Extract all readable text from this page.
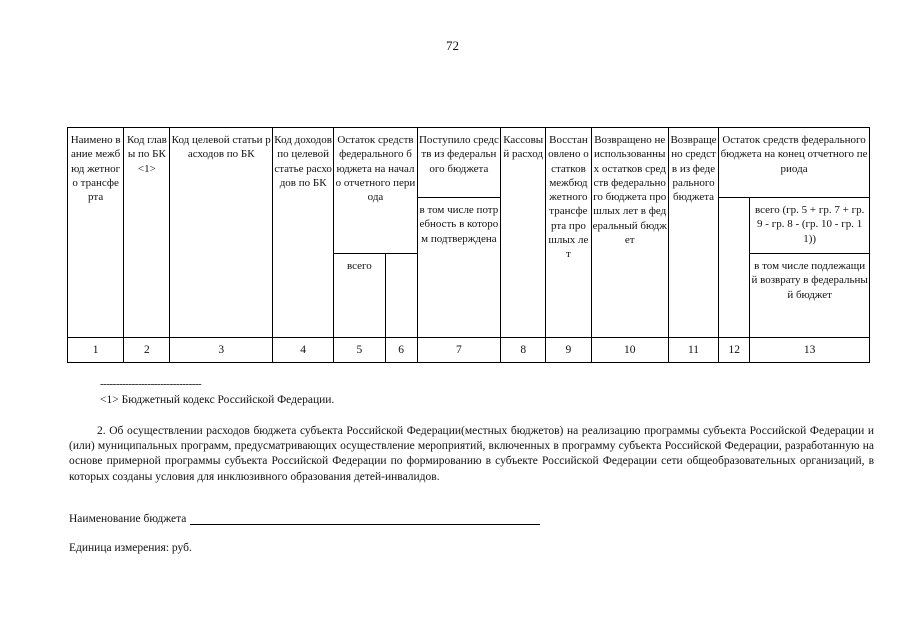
72
Наимено вание межбюд жетного трансфе рта	Код главы по БК <1>	Код целевой статьи расходов по БК	Код доходов по целевой статье расходов по БК	Остаток средств федерального бюджета на начало отчетного периода		Поступило средств из федерального бюджета	Кассовый расход	Восстановлено остатков межбюджетного трансферта прошлых лет	Возвращено неиспользованных остатков средств федерального бюджета прошлых лет в федеральный бюджет	Возвращено средств из федерального бюджета	Остаток средств федерального бюджета на конец отчетного периода	
						в том числе потребность в котором подтверждена						всего (гр. 5 + гр. 7 + гр. 9 - гр. 8 - (гр. 10 - гр. 11))
				всего								в том числе подлежащий возврату в федеральный бюджет
1	2	3	4	5	6	7	8	9	10	11	12	13
--------------------------------
<1> Бюджетный кодекс Российской Федерации.

2. Об осуществлении расходов бюджета субъекта Российской Федерации(местных бюджетов) на реализацию программы субъекта Российской Федерации и (или) муниципальных программ, предусматривающих осуществление мероприятий, включенных в программу субъекта Российской Федерации, разработанную на основе примерной программы субъекта Российской Федерации по формированию в субъекте Российской Федерации сети общеобразовательных организаций, в которых созданы условия для инклюзивного образования детей-инвалидов.

Наименование бюджета
Единица измерения: руб.
